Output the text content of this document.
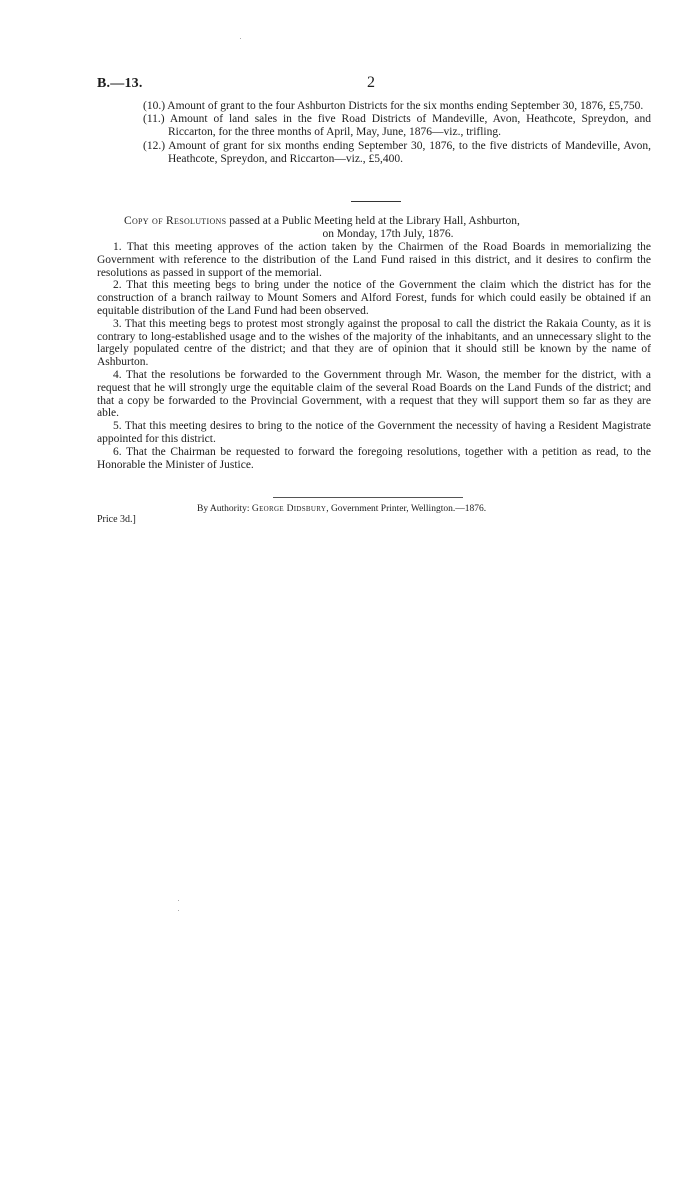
B.—13.	2

(10.) Amount of grant to the four Ashburton Districts for the six months ending September 30, 1876, £5,750.

(11.) Amount of land sales in the five Road Districts of Mandeville, Avon, Heathcote, Spreydon, and Riccarton, for the three months of April, May, June, 1876—viz., trifling.

(12.) Amount of grant for six months ending September 30, 1876, to the five districts of Mandeville, Avon, Heathcote, Spreydon, and Riccarton—viz., £5,400.

Copy of Resolutions passed at a Public Meeting held at the Library Hall, Ashburton,

on Monday, 17th July, 1876.

1. That this meeting approves of the action taken by the Chairmen of the Road Boards in memorializing the Government with reference to the distribution of the Land Fund raised in this district, and it desires to confirm the resolutions as passed in support of the memorial.

2. That this meeting begs to bring under the notice of the Government the claim which the district has for the construction of a branch railway to Mount Somers and Alford Forest, funds for which could easily be obtained if an equitable distribution of the Land Fund had been observed.

3. That this meeting begs to protest most strongly against the proposal to call the district the Rakaia County, as it is contrary to long-established usage and to the wishes of the majority of the inhabitants, and an unnecessary slight to the largely populated centre of the district; and that they are of opinion that it should still be known by the name of Ashburton.

4. That the resolutions be forwarded to the Government through Mr. Wason, the member for the district, with a request that he will strongly urge the equitable claim of the several Road Boards on the Land Funds of the district; and that a copy be forwarded to the Provincial Government, with a request that they will support them so far as they are able.

5. That this meeting desires to bring to the notice of the Government the necessity of having a Resident Magistrate appointed for this district.

6. That the Chairman be requested to forward the foregoing resolutions, together with a petition as read, to the Honorable the Minister of Justice.

By Authority: George Didsbury, Government Printer, Wellington.—1876.
Price 3d.]
